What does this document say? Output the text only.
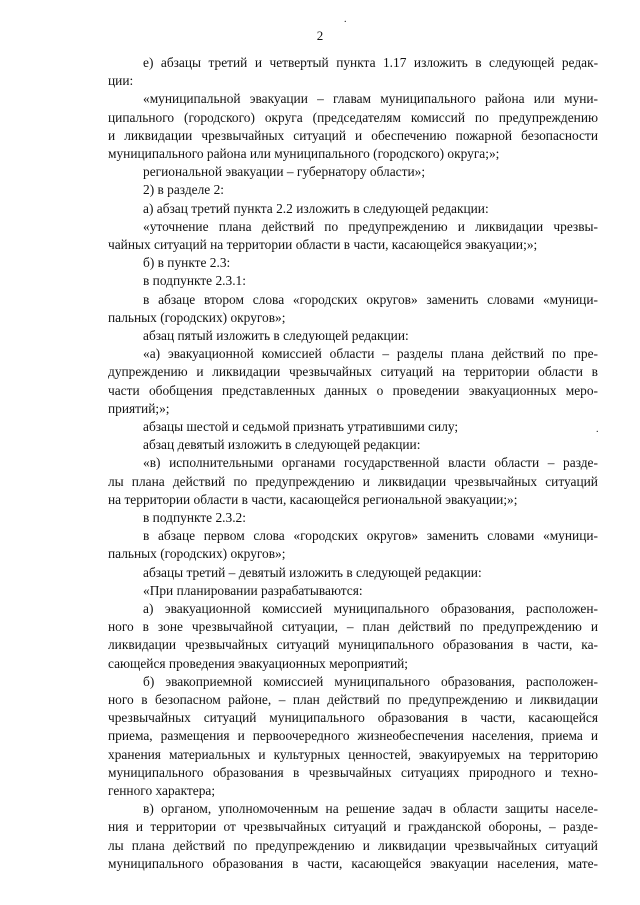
2
.
.
е) абзацы третий и четвертый пункта 1.17 изложить в следующей редак-
ции:
«муниципальной эвакуации – главам муниципального района или муни-
ципального (городского) округа (председателям комиссий по предупреждению
и ликвидации чрезвычайных ситуаций и обеспечению пожарной безопасности
муниципального района или муниципального (городского) округа;»;
региональной эвакуации – губернатору области»;
2) в разделе 2:
а) абзац третий пункта 2.2 изложить в следующей редакции:
«уточнение плана действий по предупреждению и ликвидации чрезвы-
чайных ситуаций на территории области в части, касающейся эвакуации;»;
б) в пункте 2.3:
в подпункте 2.3.1:
в абзаце втором слова «городских округов» заменить словами «муници-
пальных (городских) округов»;
абзац пятый изложить в следующей редакции:
«а) эвакуационной комиссией области – разделы плана действий по пре-
дупреждению и ликвидации чрезвычайных ситуаций на территории области в
части обобщения представленных данных о проведении эвакуационных меро-
приятий;»;
абзацы шестой и седьмой признать утратившими силу;
абзац девятый изложить в следующей редакции:
«в) исполнительными органами государственной власти области – разде-
лы плана действий по предупреждению и ликвидации чрезвычайных ситуаций
на территории области в части, касающейся региональной эвакуации;»;
в подпункте 2.3.2:
в абзаце первом слова «городских округов» заменить словами «муници-
пальных (городских) округов»;
абзацы третий – девятый изложить в следующей редакции:
«При планировании разрабатываются:
а) эвакуационной комиссией муниципального образования, расположен-
ного в зоне чрезвычайной ситуации, – план действий по предупреждению и
ликвидации чрезвычайных ситуаций муниципального образования в части, ка-
сающейся проведения эвакуационных мероприятий;
б) эвакоприемной комиссией муниципального образования, расположен-
ного в безопасном районе, – план действий по предупреждению и ликвидации
чрезвычайных ситуаций муниципального образования в части, касающейся
приема, размещения и первоочередного жизнеобеспечения населения, приема и
хранения материальных и культурных ценностей, эвакуируемых на территорию
муниципального образования в чрезвычайных ситуациях природного и техно-
генного характера;
в) органом, уполномоченным на решение задач в области защиты населе-
ния и территории от чрезвычайных ситуаций и гражданской обороны, – разде-
лы плана действий по предупреждению и ликвидации чрезвычайных ситуаций
муниципального образования в части, касающейся эвакуации населения, мате-
